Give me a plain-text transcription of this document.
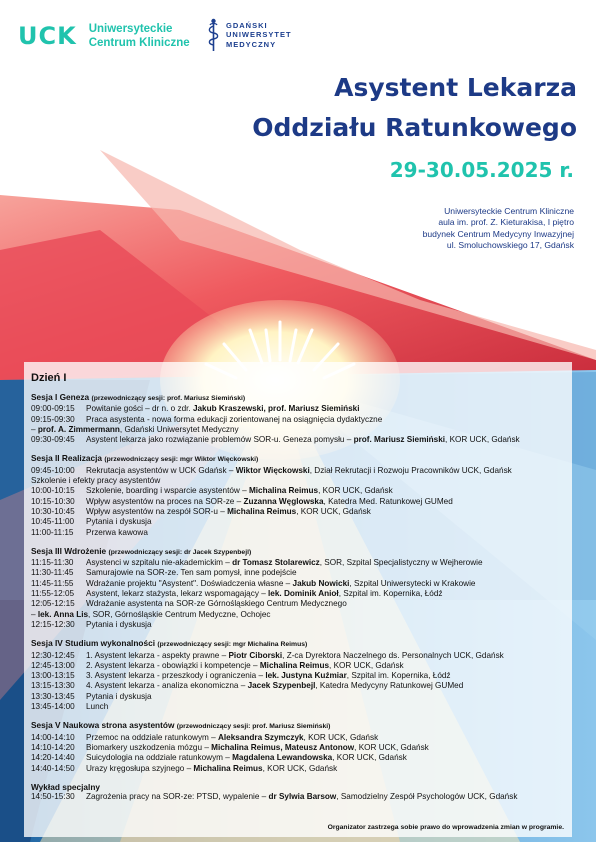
UCK Uniwersyteckie
Centrum Kliniczne
GDAŃSKI
UNIWERSYTET
MEDYCZNY
Asystent Lekarza
Oddziału Ratunkowego
29-30.05.2025 r.
Uniwersyteckie Centrum Kliniczne
aula im. prof. Z. Kieturakisa, I piętro
budynek Centrum Medycyny Inwazyjnej
ul. Smoluchowskiego 17, Gdańsk
Dzień I
Sesja I Geneza (przewodniczący sesji: prof. Mariusz Siemiński)
09:00-09:15 Powitanie gości – dr n. o zdr. Jakub Kraszewski, prof. Mariusz Siemiński
09:15-09:30 Praca asystenta - nowa forma edukacji zorientowanej na osiągnięcia dydaktyczne
– prof. A. Zimmermann, Gdański Uniwersytet Medyczny
09:30-09:45 Asystent lekarza jako rozwiązanie problemów SOR-u. Geneza pomysłu – prof. Mariusz Siemiński, KOR UCK, Gdańsk
Sesja II Realizacja (przewodniczący sesji: mgr Wiktor Więckowski)
09:45-10:00 Rekrutacja asystentów w UCK Gdańsk – Wiktor Więckowski, Dział Rekrutacji i Rozwoju Pracowników UCK, Gdańsk
Szkolenie i efekty pracy asystentów
10:00-10:15 Szkolenie, boarding i wsparcie asystentów – Michalina Reimus, KOR UCK, Gdańsk
10:15-10:30 Wpływ asystentów na proces na SOR-ze – Zuzanna Węglowska, Katedra Med. Ratunkowej GUMed
10:30-10:45 Wpływ asystentów na zespół SOR-u – Michalina Reimus, KOR UCK, Gdańsk
10:45-11:00 Pytania i dyskusja
11:00-11:15 Przerwa kawowa
Sesja III Wdrożenie (przewodniczący sesji: dr Jacek Szypenbejl)
11:15-11:30 Asystenci w szpitalu nie-akademickim – dr Tomasz Stolarewicz, SOR, Szpital Specjalistyczny w Wejherowie
11:30-11:45 Samurajowie na SOR-ze. Ten sam pomysł, inne podejście
11:45-11:55 Wdrażanie projektu "Asystent". Doświadczenia własne – Jakub Nowicki, Szpital Uniwersytecki w Krakowie
11:55-12:05 Asystent, lekarz stażysta, lekarz wspomagający – lek. Dominik Anioł, Szpital im. Kopernika, Łódź
12:05-12:15 Wdrażanie asystenta na SOR-ze Górnośląskiego Centrum Medycznego
– lek. Anna Lis, SOR, Górnośląskie Centrum Medyczne, Ochojec
12:15-12:30 Pytania i dyskusja
Sesja IV Studium wykonalności (przewodniczący sesji: mgr Michalina Reimus)
12:30-12:45 1. Asystent lekarza - aspekty prawne – Piotr Ciborski, Z-ca Dyrektora Naczelnego ds. Personalnych UCK, Gdańsk
12:45-13:00 2. Asystent lekarza - obowiązki i kompetencje – Michalina Reimus, KOR UCK, Gdańsk
13:00-13:15 3. Asystent lekarza - przeszkody i ograniczenia – lek. Justyna Kuźmiar, Szpital im. Kopernika, Łódź
13:15-13:30 4. Asystent lekarza - analiza ekonomiczna – Jacek Szypenbejl, Katedra Medycyny Ratunkowej GUMed
13:30-13:45 Pytania i dyskusja
13:45-14:00 Lunch
Sesja V Naukowa strona asystentów (przewodniczący sesji: prof. Mariusz Siemiński)
14:00-14:10 Przemoc na oddziale ratunkowym – Aleksandra Szymczyk, KOR UCK, Gdańsk
14:10-14:20 Biomarkery uszkodzenia mózgu – Michalina Reimus, Mateusz Antonow, KOR UCK, Gdańsk
14:20-14:40 Suicydologia na oddziale ratunkowym – Magdalena Lewandowska, KOR UCK, Gdańsk
14:40-14:50 Urazy kręgosłupa szyjnego – Michalina Reimus, KOR UCK, Gdańsk
Wykład specjalny
14:50-15:30 Zagrożenia pracy na SOR-ze: PTSD, wypalenie – dr Sylwia Barsow, Samodzielny Zespół Psychologów UCK, Gdańsk
Organizator zastrzega sobie prawo do wprowadzenia zmian w programie.
